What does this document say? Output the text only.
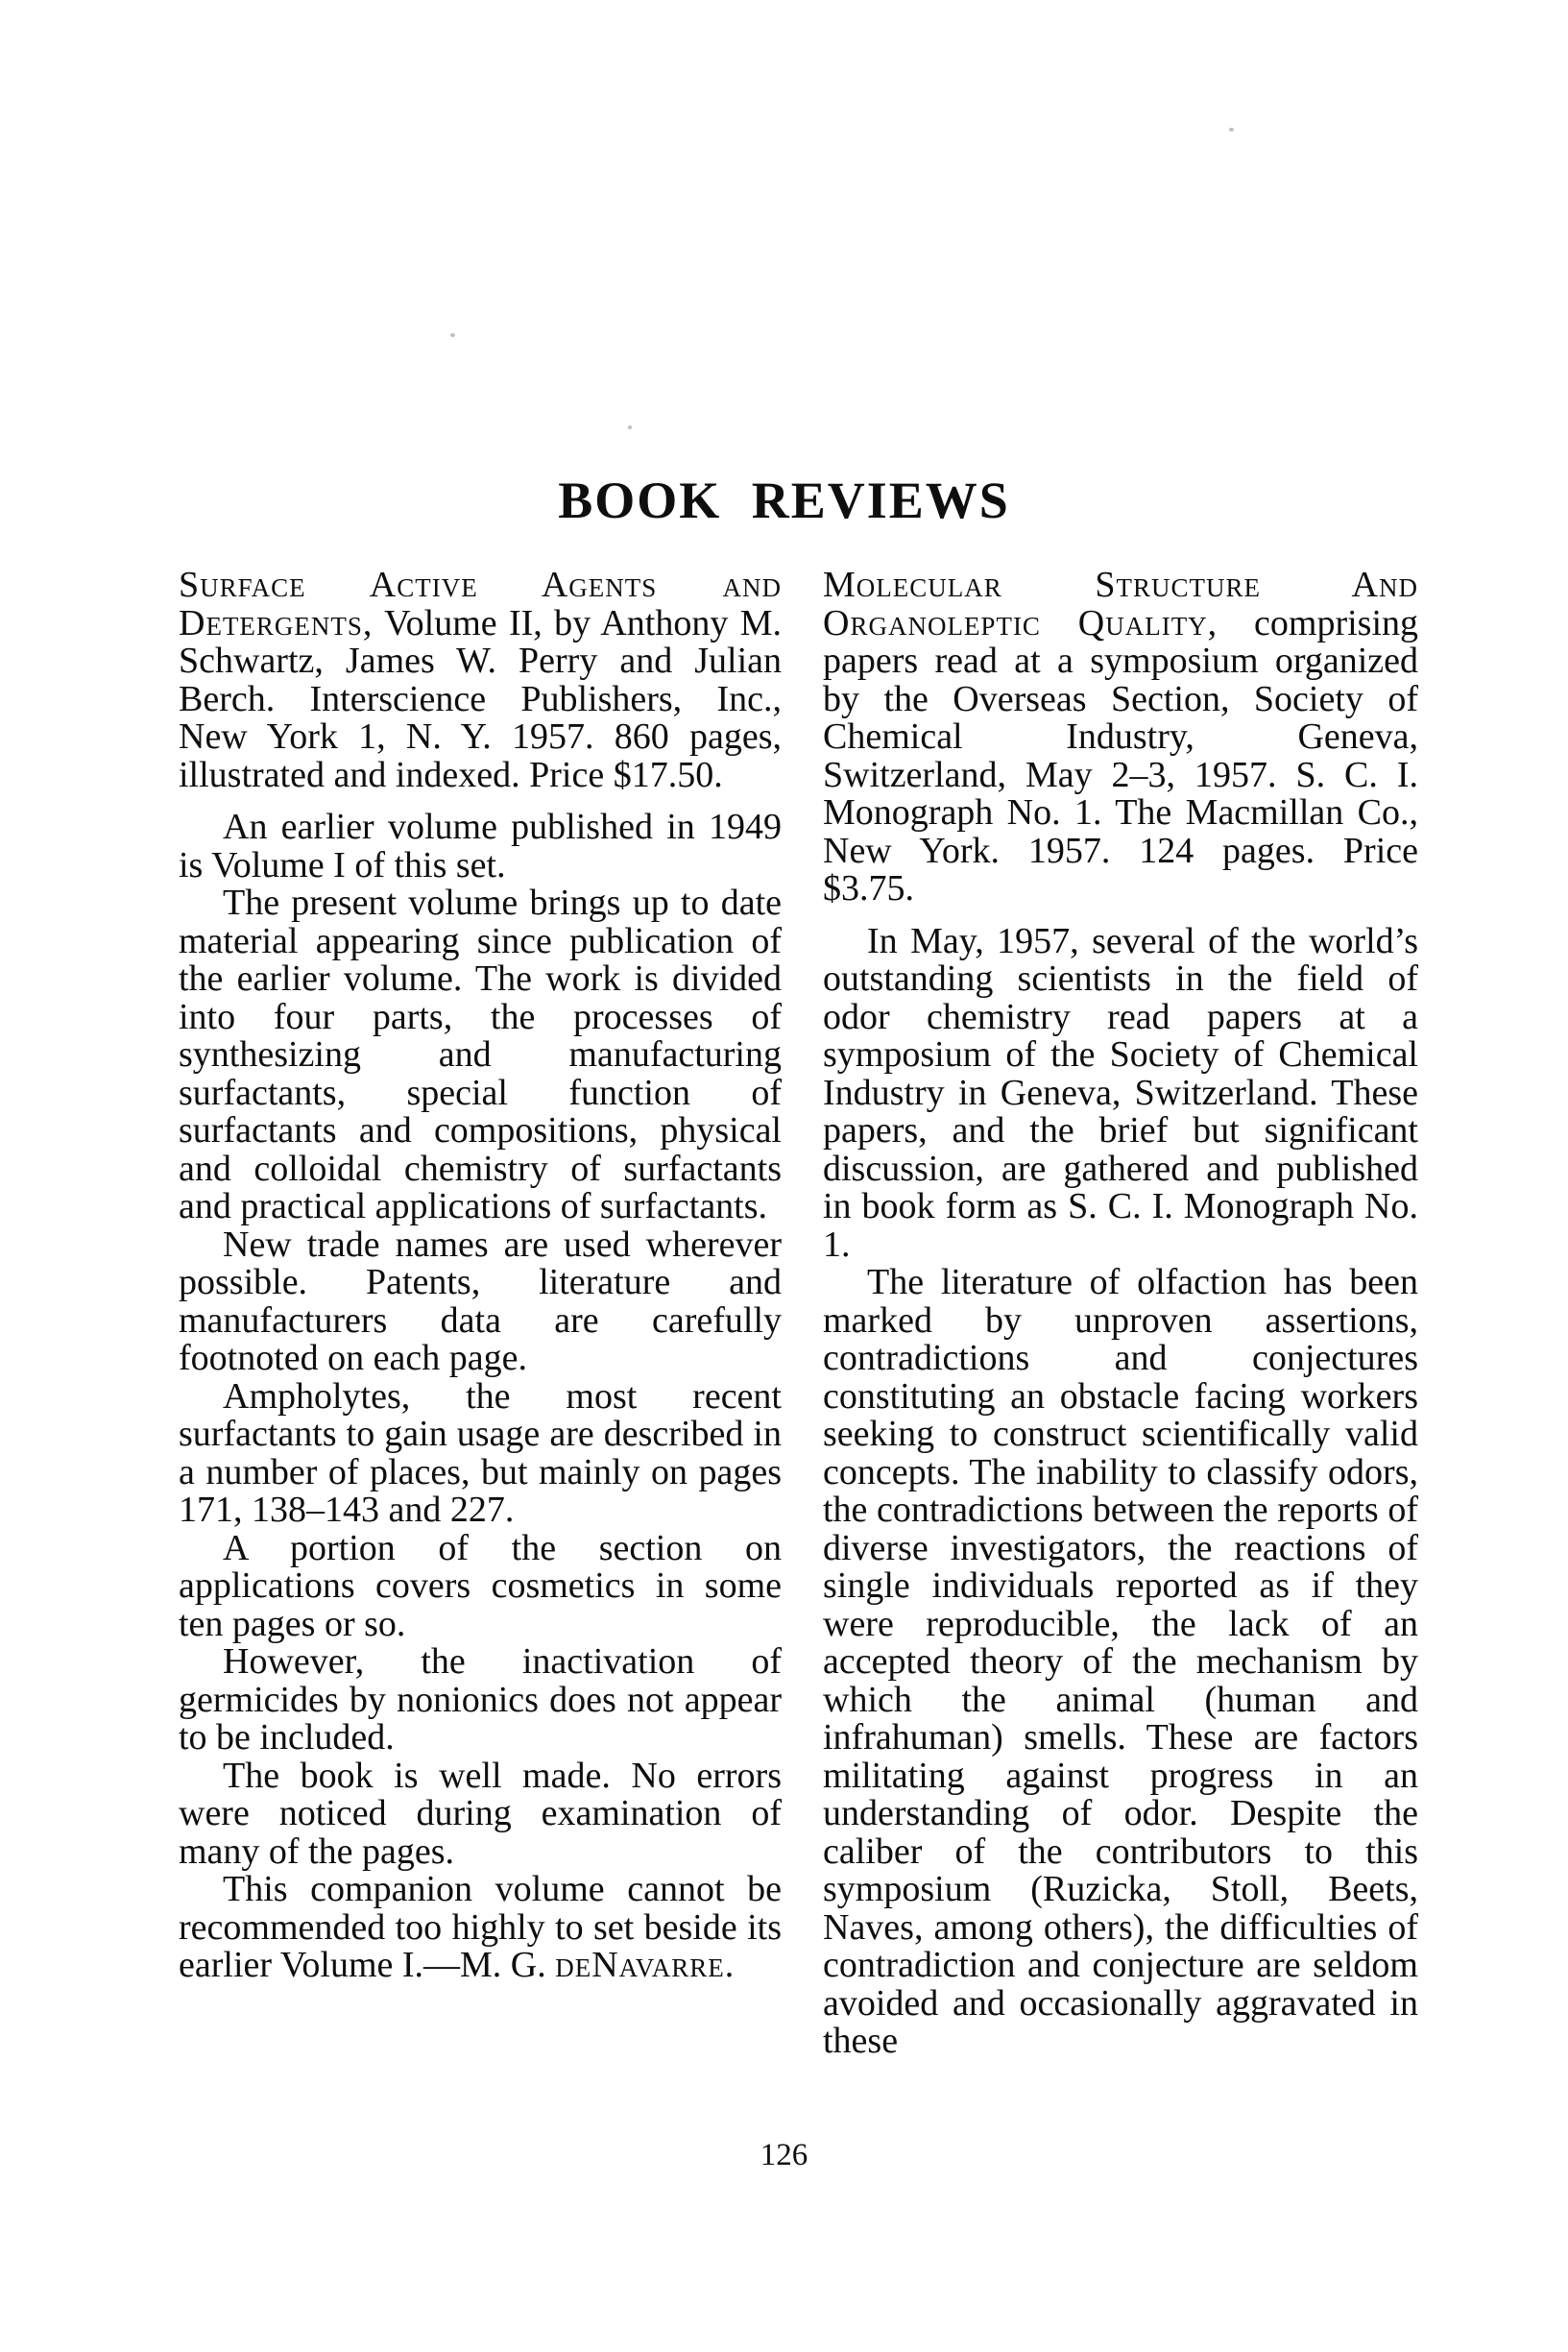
BOOK REVIEWS

Surface Active Agents and Detergents, Volume II, by Anthony M. Schwartz, James W. Perry and Julian Berch. Interscience Publishers, Inc., New York 1, N. Y. 1957. 860 pages, illustrated and indexed. Price $17.50.

An earlier volume published in 1949 is Volume I of this set.

The present volume brings up to date material appearing since publication of the earlier volume. The work is divided into four parts, the processes of synthesizing and manufacturing surfactants, special function of surfactants and compositions, physical and colloidal chemistry of surfactants and practical applications of surfactants.

New trade names are used wherever possible. Patents, literature and manufacturers data are carefully footnoted on each page.

Ampholytes, the most recent surfactants to gain usage are described in a number of places, but mainly on pages 171, 138–143 and 227.

A portion of the section on applications covers cosmetics in some ten pages or so.

However, the inactivation of germicides by nonionics does not appear to be included.

The book is well made. No errors were noticed during examination of many of the pages.

This companion volume cannot be recommended too highly to set beside its earlier Volume I.—M. G. deNavarre.

Molecular Structure And Organoleptic Quality, comprising papers read at a symposium organized by the Overseas Section, Society of Chemical Industry, Geneva, Switzerland, May 2–3, 1957. S. C. I. Monograph No. 1. The Macmillan Co., New York. 1957. 124 pages. Price $3.75.

In May, 1957, several of the world’s outstanding scientists in the field of odor chemistry read papers at a symposium of the Society of Chemical Industry in Geneva, Switzerland. These papers, and the brief but significant discussion, are gathered and published in book form as S. C. I. Monograph No. 1.

The literature of olfaction has been marked by unproven assertions, contradictions and conjectures constituting an obstacle facing workers seeking to construct scientifically valid concepts. The inability to classify odors, the contradictions between the reports of diverse investigators, the reactions of single individuals reported as if they were reproducible, the lack of an accepted theory of the mechanism by which the animal (human and infrahuman) smells. These are factors militating against progress in an understanding of odor. Despite the caliber of the contributors to this symposium (Ruzicka, Stoll, Beets, Naves, among others), the difficulties of contradiction and conjecture are seldom avoided and occasionally aggravated in these

126
